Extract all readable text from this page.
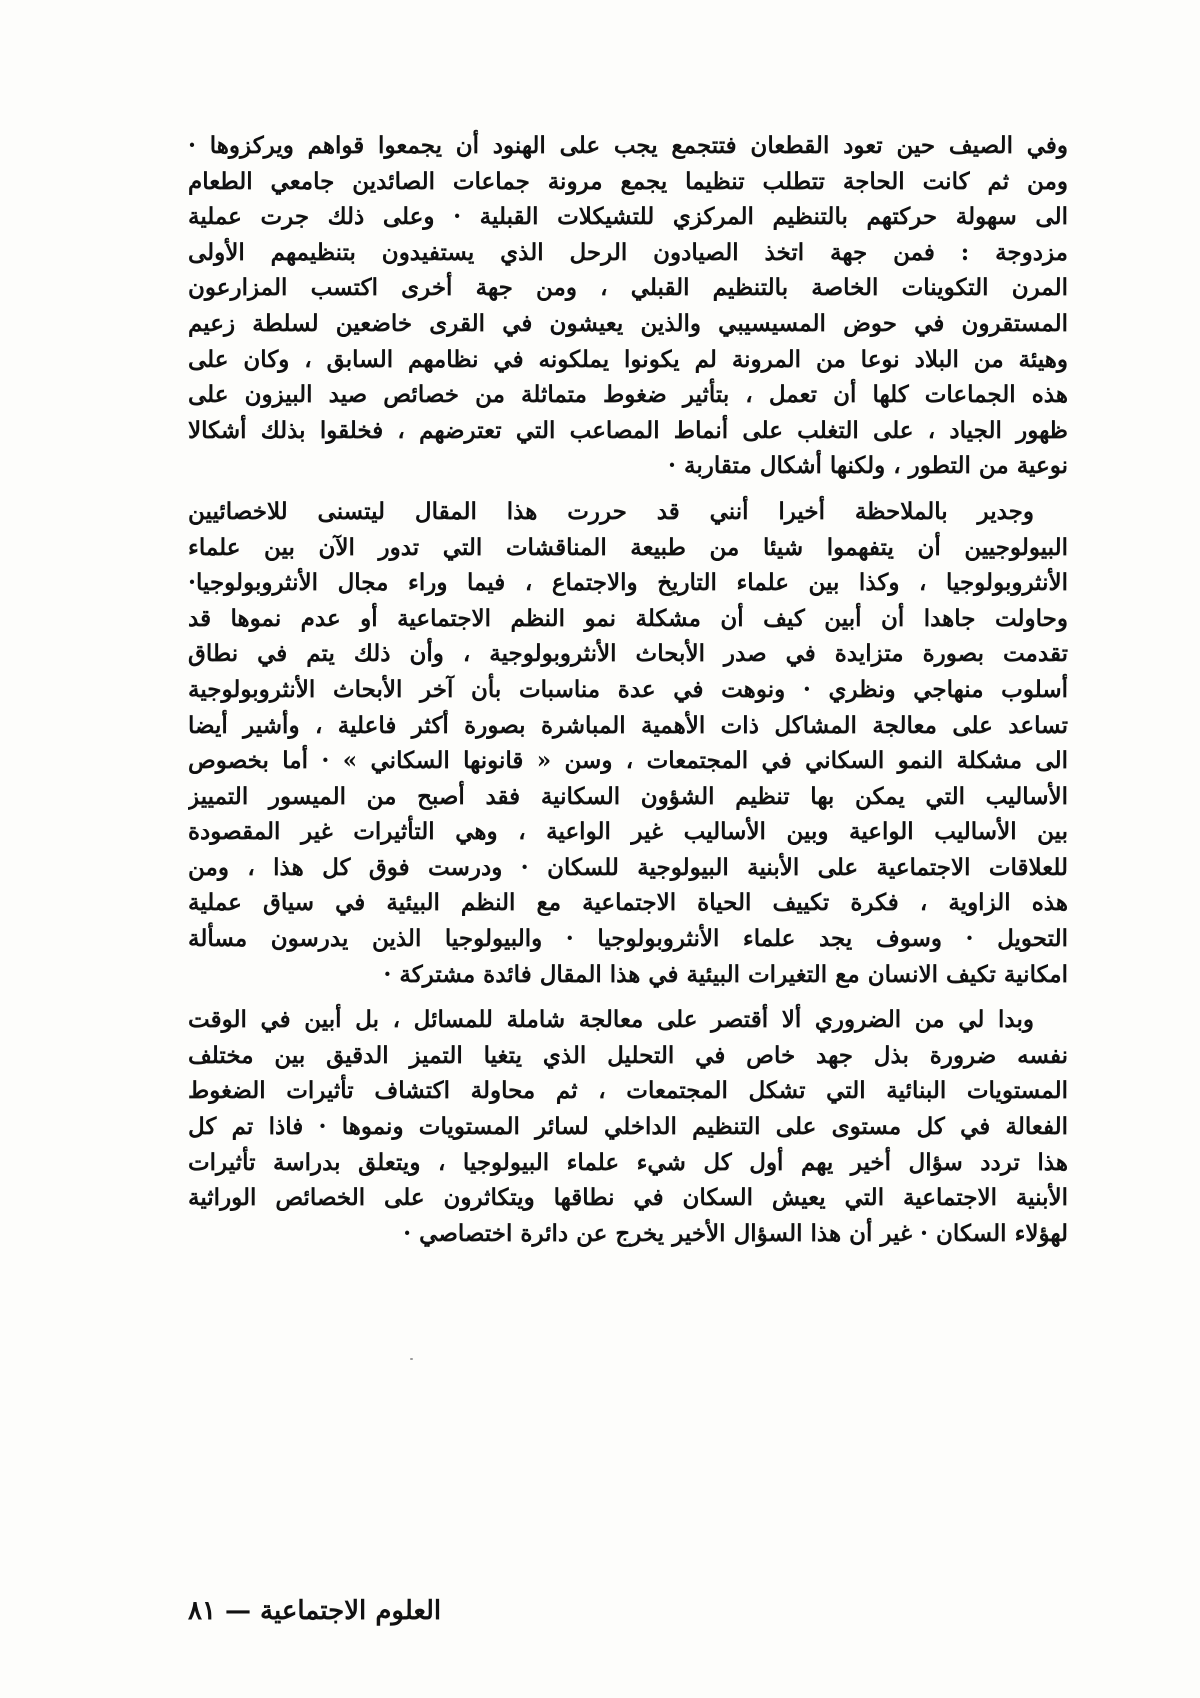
وفي الصيف حين تعود القطعان فتتجمع يجب على الهنود أن يجمعوا قواهم ويركزوها ·
ومن ثم كانت الحاجة تتطلب تنظيما يجمع مرونة جماعات الصائدين جامعي الطعام
الى سهولة حركتهم بالتنظيم المركزي للتشيكلات القبلية · وعلى ذلك جرت عملية
مزدوجة : فمن جهة اتخذ الصيادون الرحل الذي يستفيدون بتنظيمهم الأولى
المرن التكوينات الخاصة بالتنظيم القبلي ، ومن جهة أخرى اكتسب المزارعون
المستقرون في حوض المسيسيبي والذين يعيشون في القرى خاضعين لسلطة زعيم
وهيئة من البلاد نوعا من المرونة لم يكونوا يملكونه في نظامهم السابق ، وكان على
هذه الجماعات كلها أن تعمل ، بتأثير ضغوط متماثلة من خصائص صيد البيزون على
ظهور الجياد ، على التغلب على أنماط المصاعب التي تعترضهم ، فخلقوا بذلك أشكالا
نوعية من التطور ، ولكنها أشكال متقاربة ·

وجدير بالملاحظة أخيرا أنني قد حررت هذا المقال ليتسنى للاخصائيين
البيولوجيين أن يتفهموا شيئا من طبيعة المناقشات التي تدور الآن بين علماء
الأنثروبولوجيا ، وكذا بين علماء التاريخ والاجتماع ، فيما وراء مجال الأنثروبولوجيا·
وحاولت جاهدا أن أبين كيف أن مشكلة نمو النظم الاجتماعية أو عدم نموها قد
تقدمت بصورة متزايدة في صدر الأبحاث الأنثروبولوجية ، وأن ذلك يتم في نطاق
أسلوب منهاجي ونظري · ونوهت في عدة مناسبات بأن آخر الأبحاث الأنثروبولوجية
تساعد على معالجة المشاكل ذات الأهمية المباشرة بصورة أكثر فاعلية ، وأشير أيضا
الى مشكلة النمو السكاني في المجتمعات ، وسن « قانونها السكاني » · أما بخصوص
الأساليب التي يمكن بها تنظيم الشؤون السكانية فقد أصبح من الميسور التمييز
بين الأساليب الواعية وبين الأساليب غير الواعية ، وهي التأثيرات غير المقصودة
للعلاقات الاجتماعية على الأبنية البيولوجية للسكان · ودرست فوق كل هذا ، ومن
هذه الزاوية ، فكرة تكييف الحياة الاجتماعية مع النظم البيئية في سياق عملية
التحويل · وسوف يجد علماء الأنثروبولوجيا · والبيولوجيا الذين يدرسون مسألة
امكانية تكيف الانسان مع التغيرات البيئية في هذا المقال فائدة مشتركة ·

وبدا لي من الضروري ألا أقتصر على معالجة شاملة للمسائل ، بل أبين في الوقت
نفسه ضرورة بذل جهد خاص في التحليل الذي يتغيا التميز الدقيق بين مختلف
المستويات البنائية التي تشكل المجتمعات ، ثم محاولة اكتشاف تأثيرات الضغوط
الفعالة في كل مستوى على التنظيم الداخلي لسائر المستويات ونموها · فاذا تم كل
هذا تردد سؤال أخير يهم أول كل شيء علماء البيولوجيا ، ويتعلق بدراسة تأثيرات
الأبنية الاجتماعية التي يعيش السكان في نطاقها ويتكاثرون على الخصائص الوراثية
لهؤلاء السكان · غير أن هذا السؤال الأخير يخرج عن دائرة اختصاصي ·

العلوم الاجتماعية — ٨١
